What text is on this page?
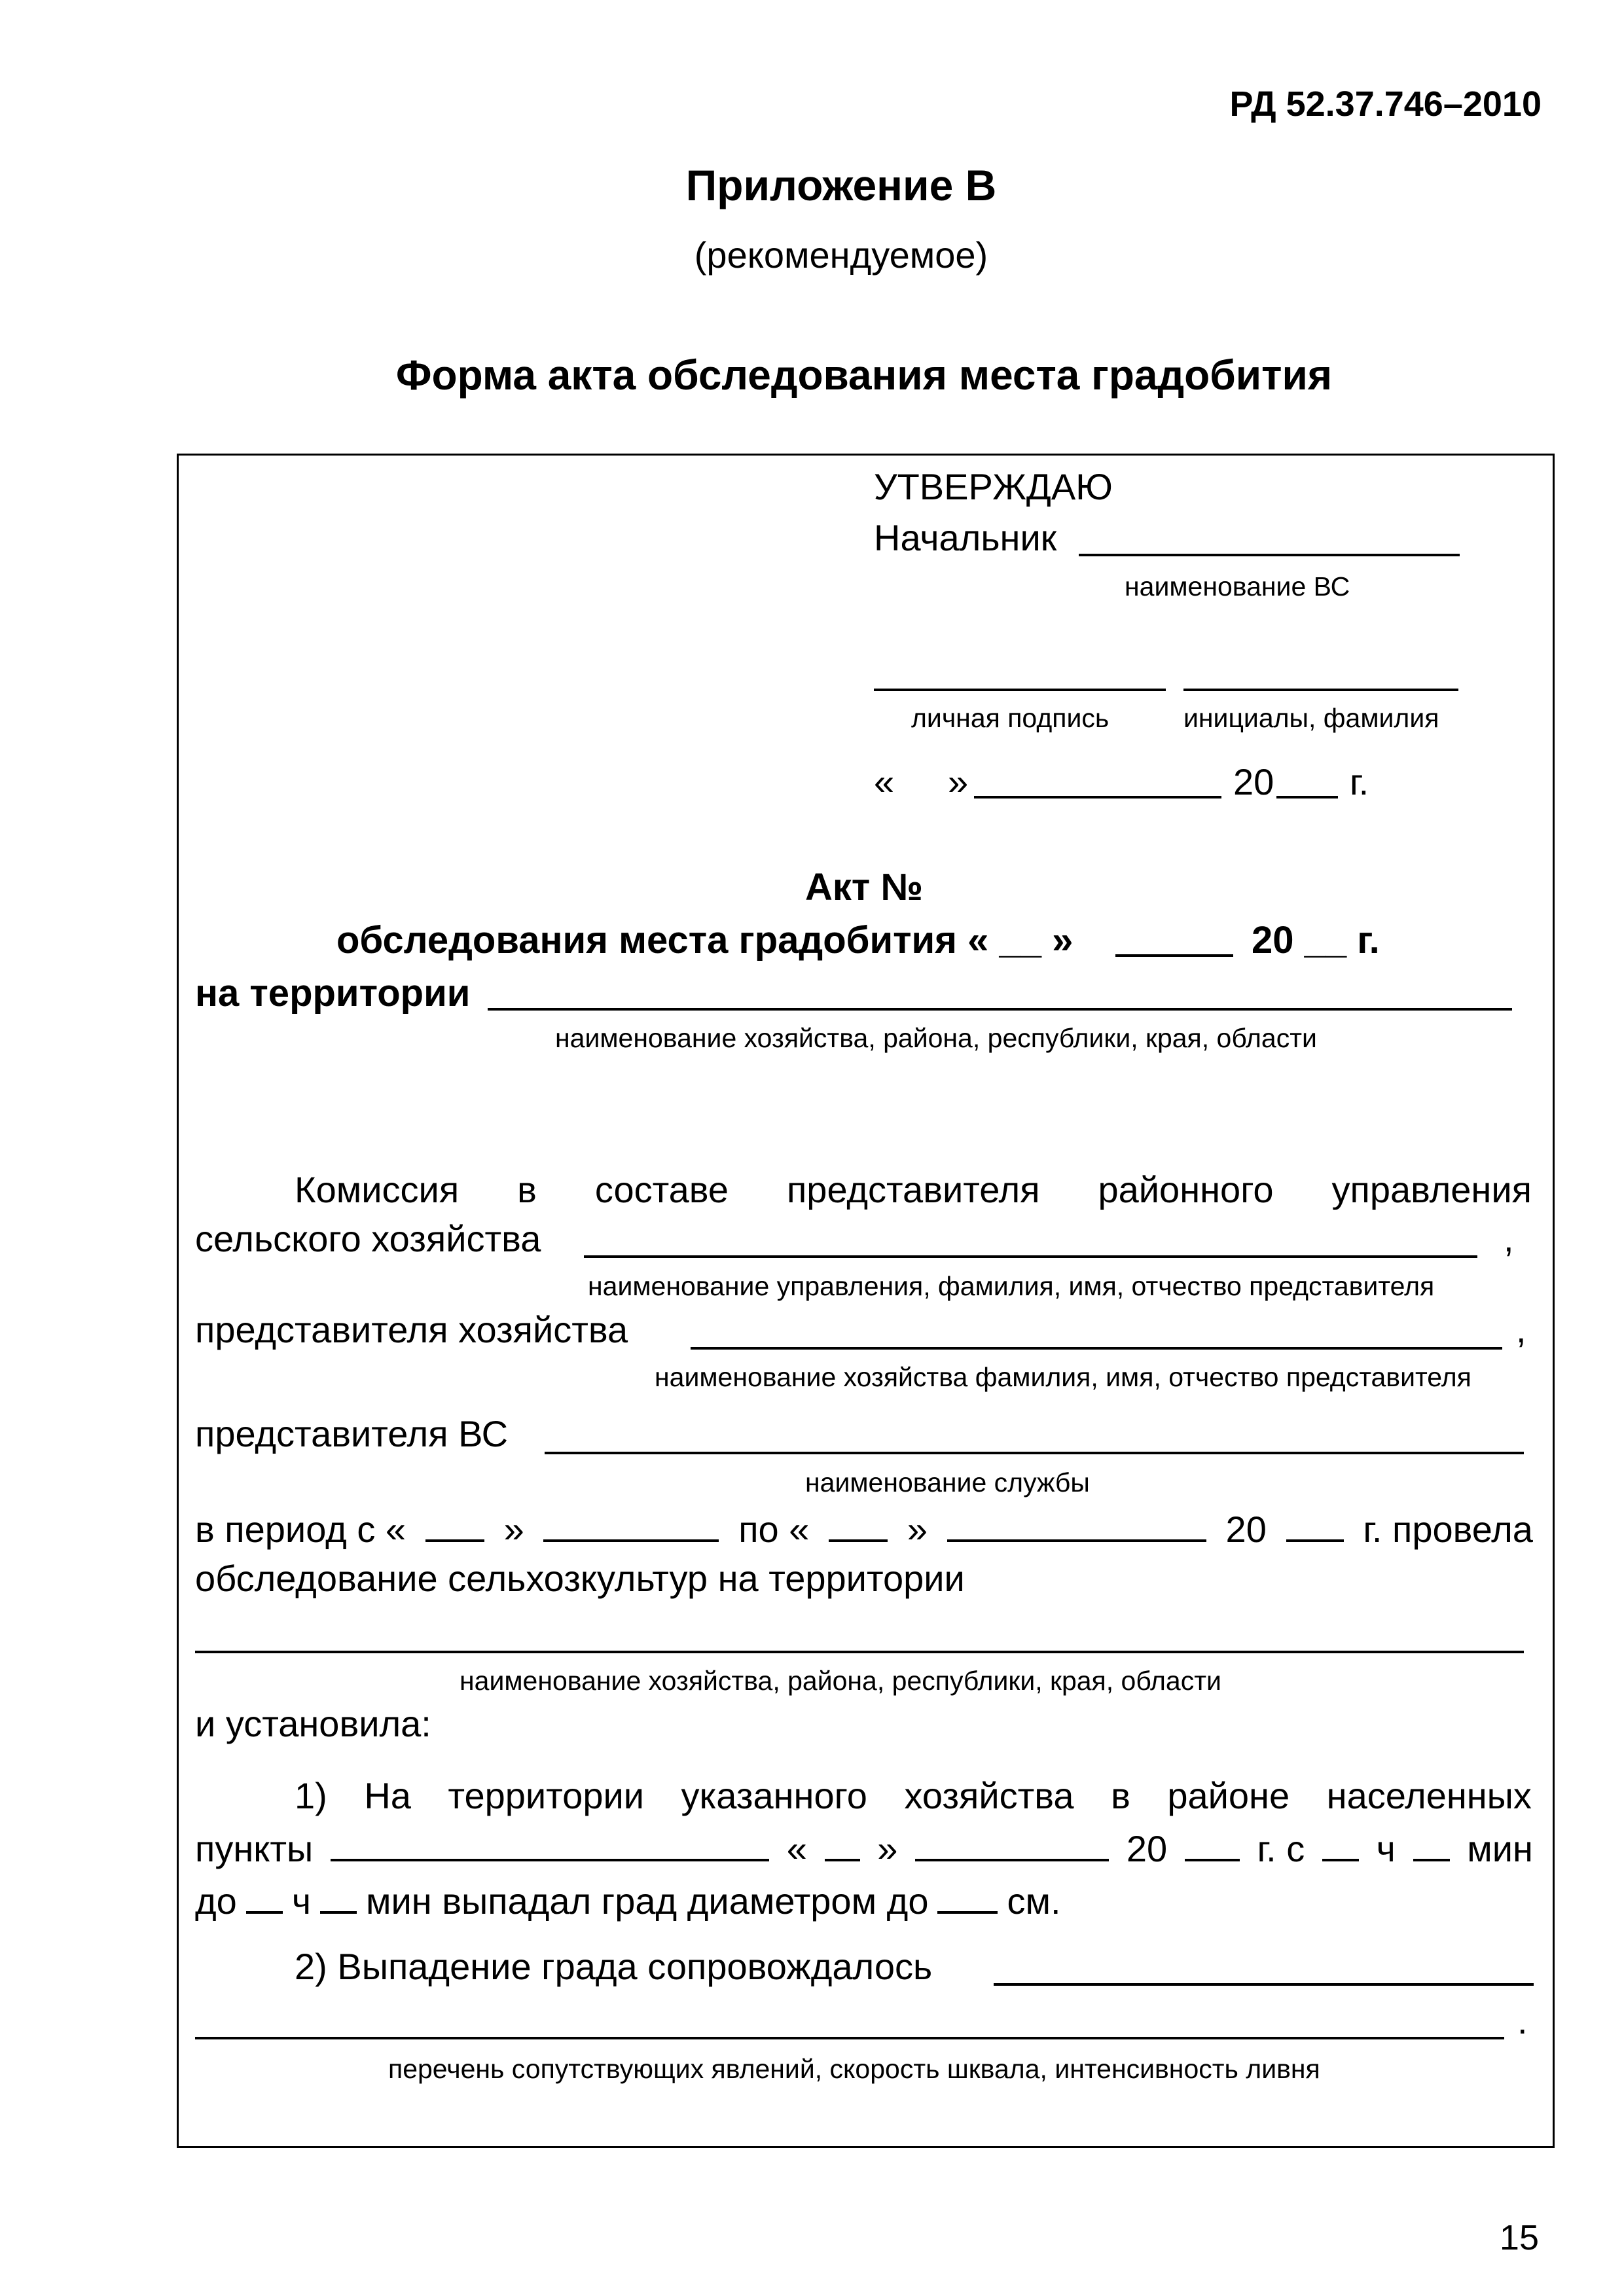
РД 52.37.746–2010
Приложение В
(рекомендуемое)
Форма акта обследования места градобития
УТВЕРЖДАЮ
Начальник
наименование ВС
личная подпись	инициалы, фамилия
« »	20 г.
Акт №
обследования места градобития « __ »	20 __ г.
на территории
наименование хозяйства, района, республики, края, области
Комиссия в составе представителя районного управления
сельского хозяйства	,
наименование управления, фамилия, имя, отчество представителя
представителя хозяйства	,
наименование хозяйства фамилия, имя, отчество представителя
представителя ВС
наименование службы
в период с «	»	по «	»	20	г. провела
обследование сельхозкультур на территории
наименование хозяйства, района, республики, края, области
и установила:
1) На территории указанного хозяйства в районе населенных
пункты	« »	20 г. с ч мин
до ч мин выпадал град диаметром до см.
2) Выпадение града сопровождалось
.
перечень сопутствующих явлений, скорость шквала, интенсивность ливня
15
